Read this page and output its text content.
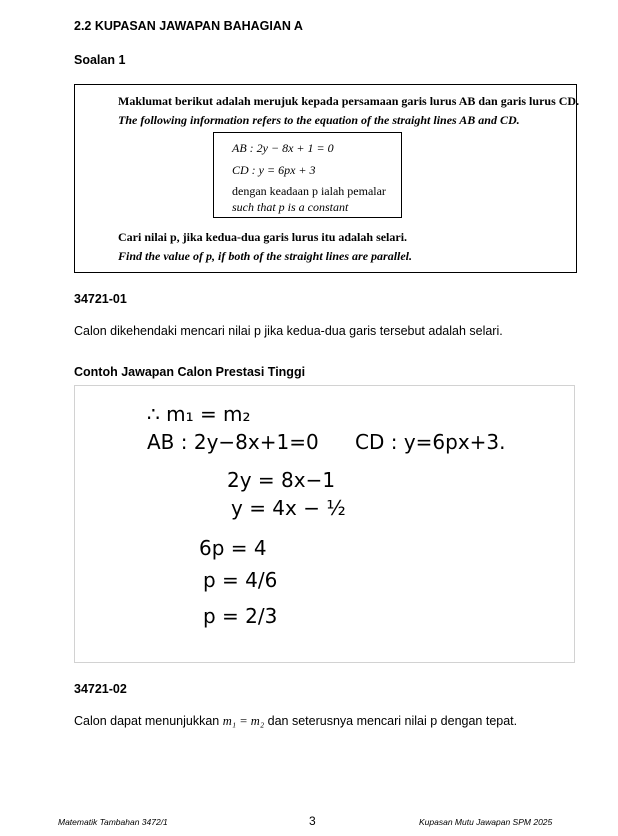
2.2 KUPASAN JAWAPAN BAHAGIAN A
Soalan 1
Maklumat berikut adalah merujuk kepada persamaan garis lurus AB dan garis lurus CD.
The following information refers to the equation of the straight lines AB and CD.
AB : 2y − 8x + 1 = 0
CD : y = 6px + 3
dengan keadaan p ialah pemalar
such that p is a constant
Cari nilai p, jika kedua-dua garis lurus itu adalah selari.
Find the value of p, if both of the straight lines are parallel.
34721-01
Calon dikehendaki mencari nilai p jika kedua-dua garis tersebut adalah selari.
Contoh Jawapan Calon Prestasi Tinggi
∴ m₁ = m₂
AB : 2y−8x+1=0 CD : y=6px+3.
2y = 8x−1
y = 4x − ½
6p = 4
p = 4/6
p = 2/3
34721-02
Calon dapat menunjukkan m₁ = m₂ dan seterusnya mencari nilai p dengan tepat.
Matematik Tambahan 3472/1	3	Kupasan Mutu Jawapan SPM 2025
